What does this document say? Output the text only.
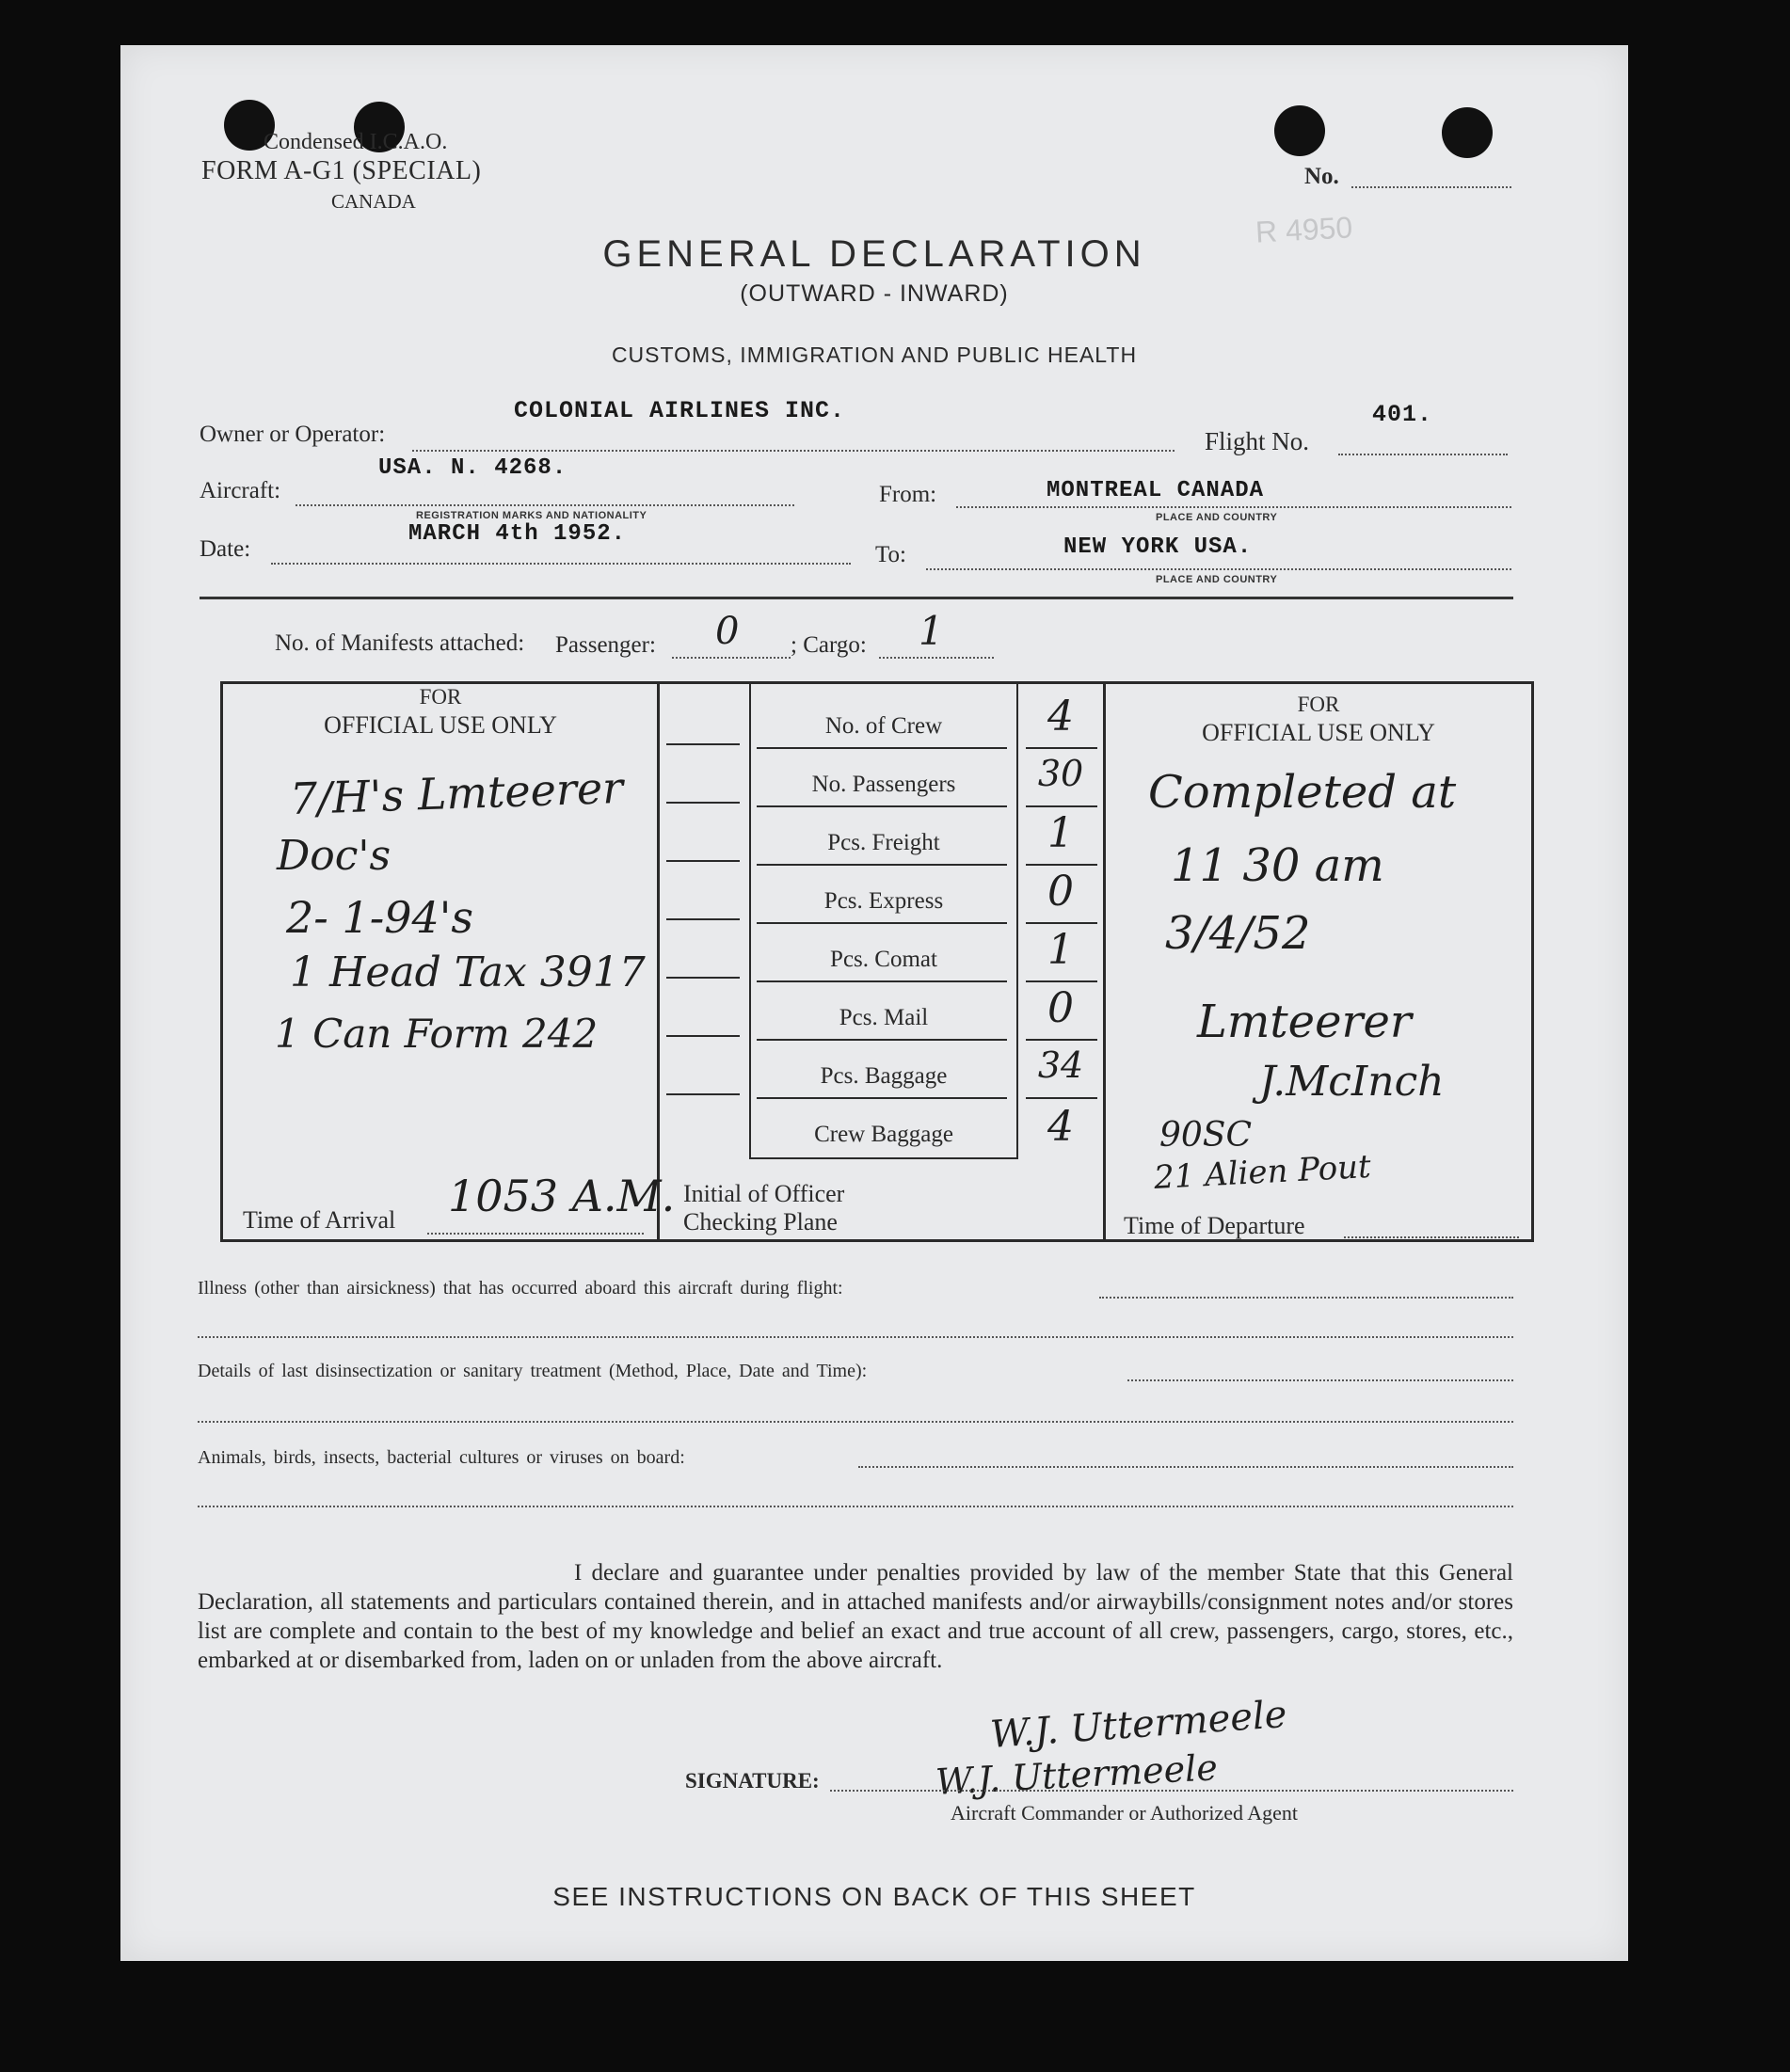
Condensed I.C.A.O.
FORM A-G1 (SPECIAL)
CANADA
No.
R 4950
GENERAL DECLARATION
(OUTWARD - INWARD)
CUSTOMS, IMMIGRATION AND PUBLIC HEALTH
Owner or Operator:
COLONIAL AIRLINES INC.
Flight No.
401.
Aircraft:
USA. N. 4268.
REGISTRATION MARKS AND NATIONALITY
From:	MONTREAL CANADA
PLACE AND COUNTRY
Date:
MARCH 4th 1952.
To:	NEW YORK USA.
PLACE AND COUNTRY
No. of Manifests attached: Passenger: 0 ; Cargo: 1
FOR
OFFICIAL USE ONLY
FOR
OFFICIAL USE ONLY
No. of Crew	4
No. Passengers	30
Pcs. Freight	1
Pcs. Express	0
Pcs. Comat	1
Pcs. Mail	0
Pcs. Baggage	34
Crew Baggage	4
7/H's Lmteerer
Doc's
2- 1-94's
1 Head Tax 3917
1 Can Form 242
Completed at
11 30 am
3/4/52
Lmteerer
J.McInch
90SC
21 Alien Pout
Time of Arrival 1053 A.M. Initial of Officer
Checking Plane	Time of Departure
Illness (other than airsickness) that has occurred aboard this aircraft during flight:
Details of last disinsectization or sanitary treatment (Method, Place, Date and Time):
Animals, birds, insects, bacterial cultures or viruses on board:
I declare and guarantee under penalties provided by law of the member State that this General Declaration, all statements and particulars contained therein, and in attached manifests and/or airwaybills/consignment notes and/or stores list are complete and contain to the best of my knowledge and belief an exact and true account of all crew, passengers, cargo, stores, etc., embarked at or disembarked from, laden on or unladen from the above aircraft.
W.J. Uttermeele
W.J. Uttermeele
SIGNATURE:
Aircraft Commander or Authorized Agent
SEE INSTRUCTIONS ON BACK OF THIS SHEET
